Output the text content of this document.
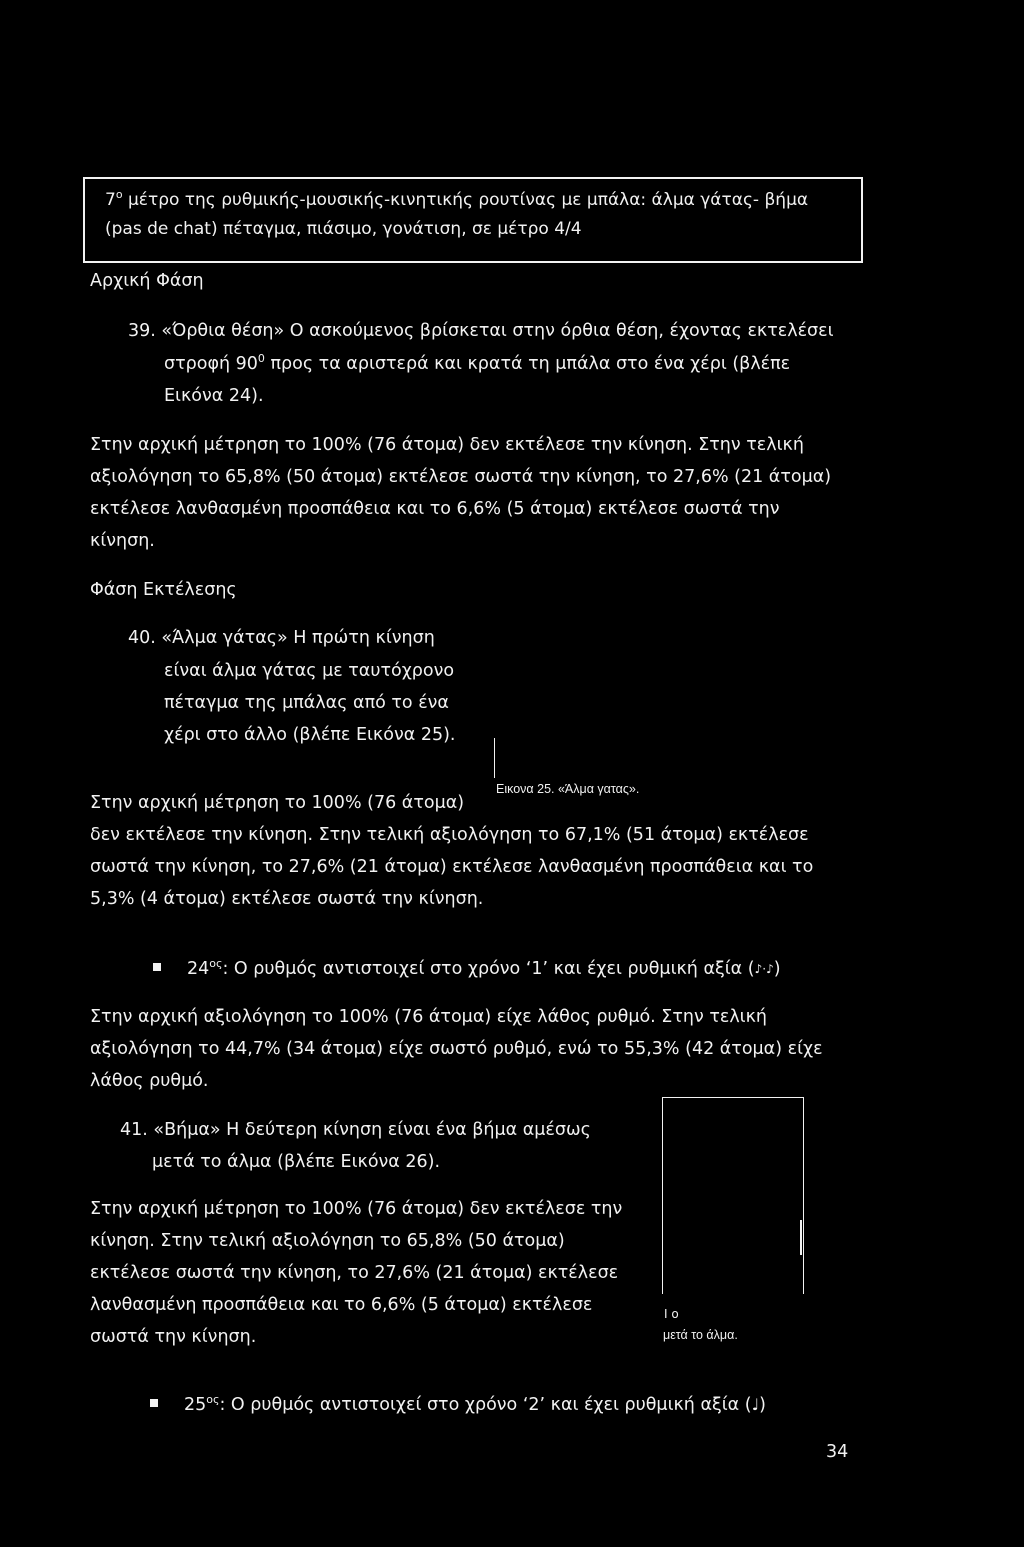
$7^o$ μέτρο της ρυθμικής-μουσικής-κινητικής ρουτίνας με μπάλα: άλμα γάτας- βήμα
(pas de chat) πέταγμα, πιάσιμο, γονάτιση, σε μέτρο 4/4
Αρχική Φάση
39. «Όρθια θέση» Ο ασκούμενος βρίσκεται στην όρθια θέση, έχοντας εκτελέσει
στροφή $90^0$ προς τα αριστερά και κρατά τη μπάλα στο ένα χέρι (βλέπε
Εικόνα 24).
Στην αρχική μέτρηση το 100% (76 άτομα) δεν εκτέλεσε την κίνηση. Στην τελική
αξιολόγηση το 65,8% (50 άτομα) εκτέλεσε σωστά την κίνηση, το 27,6% (21 άτομα)
εκτέλεσε λανθασμένη προσπάθεια και το 6,6% (5 άτομα) εκτέλεσε σωστά την
κίνηση.
Φάση Εκτέλεσης
40. «Άλμα γάτας» Η πρώτη κίνηση
είναι άλμα γάτας με ταυτόχρονο
πέταγμα της μπάλας από το ένα
χέρι στο άλλο (βλέπε Εικόνα 25).
Εικονα 25. «Άλμα γατας».
Στην αρχική μέτρηση το 100% (76 άτομα)
δεν εκτέλεσε την κίνηση. Στην τελική αξιολόγηση το 67,1% (51 άτομα) εκτέλεσε
σωστά την κίνηση, το 27,6% (21 άτομα) εκτέλεσε λανθασμένη προσπάθεια και το
5,3% (4 άτομα) εκτέλεσε σωστά την κίνηση.
$24^{o\varsigma}$: Ο ρυθμός αντιστοιχεί στο χρόνο ‘1’ και έχει ρυθμική αξία (♪·♪)
Στην αρχική αξιολόγηση το 100% (76 άτομα) είχε λάθος ρυθμό. Στην τελική
αξιολόγηση το 44,7% (34 άτομα) είχε σωστό ρυθμό, ενώ το 55,3% (42 άτομα) είχε
λάθος ρυθμό.
I ο
μετά το άλμα.
41. «Βήμα» Η δεύτερη κίνηση είναι ένα βήμα αμέσως
μετά το άλμα (βλέπε Εικόνα 26).
Στην αρχική μέτρηση το 100% (76 άτομα) δεν εκτέλεσε την
κίνηση. Στην τελική αξιολόγηση το 65,8% (50 άτομα)
εκτέλεσε σωστά την κίνηση, το 27,6% (21 άτομα) εκτέλεσε
λανθασμένη προσπάθεια και το 6,6% (5 άτομα) εκτέλεσε
σωστά την κίνηση.
$25^{o\varsigma}$: Ο ρυθμός αντιστοιχεί στο χρόνο ‘2’ και έχει ρυθμική αξία (♩)
34
